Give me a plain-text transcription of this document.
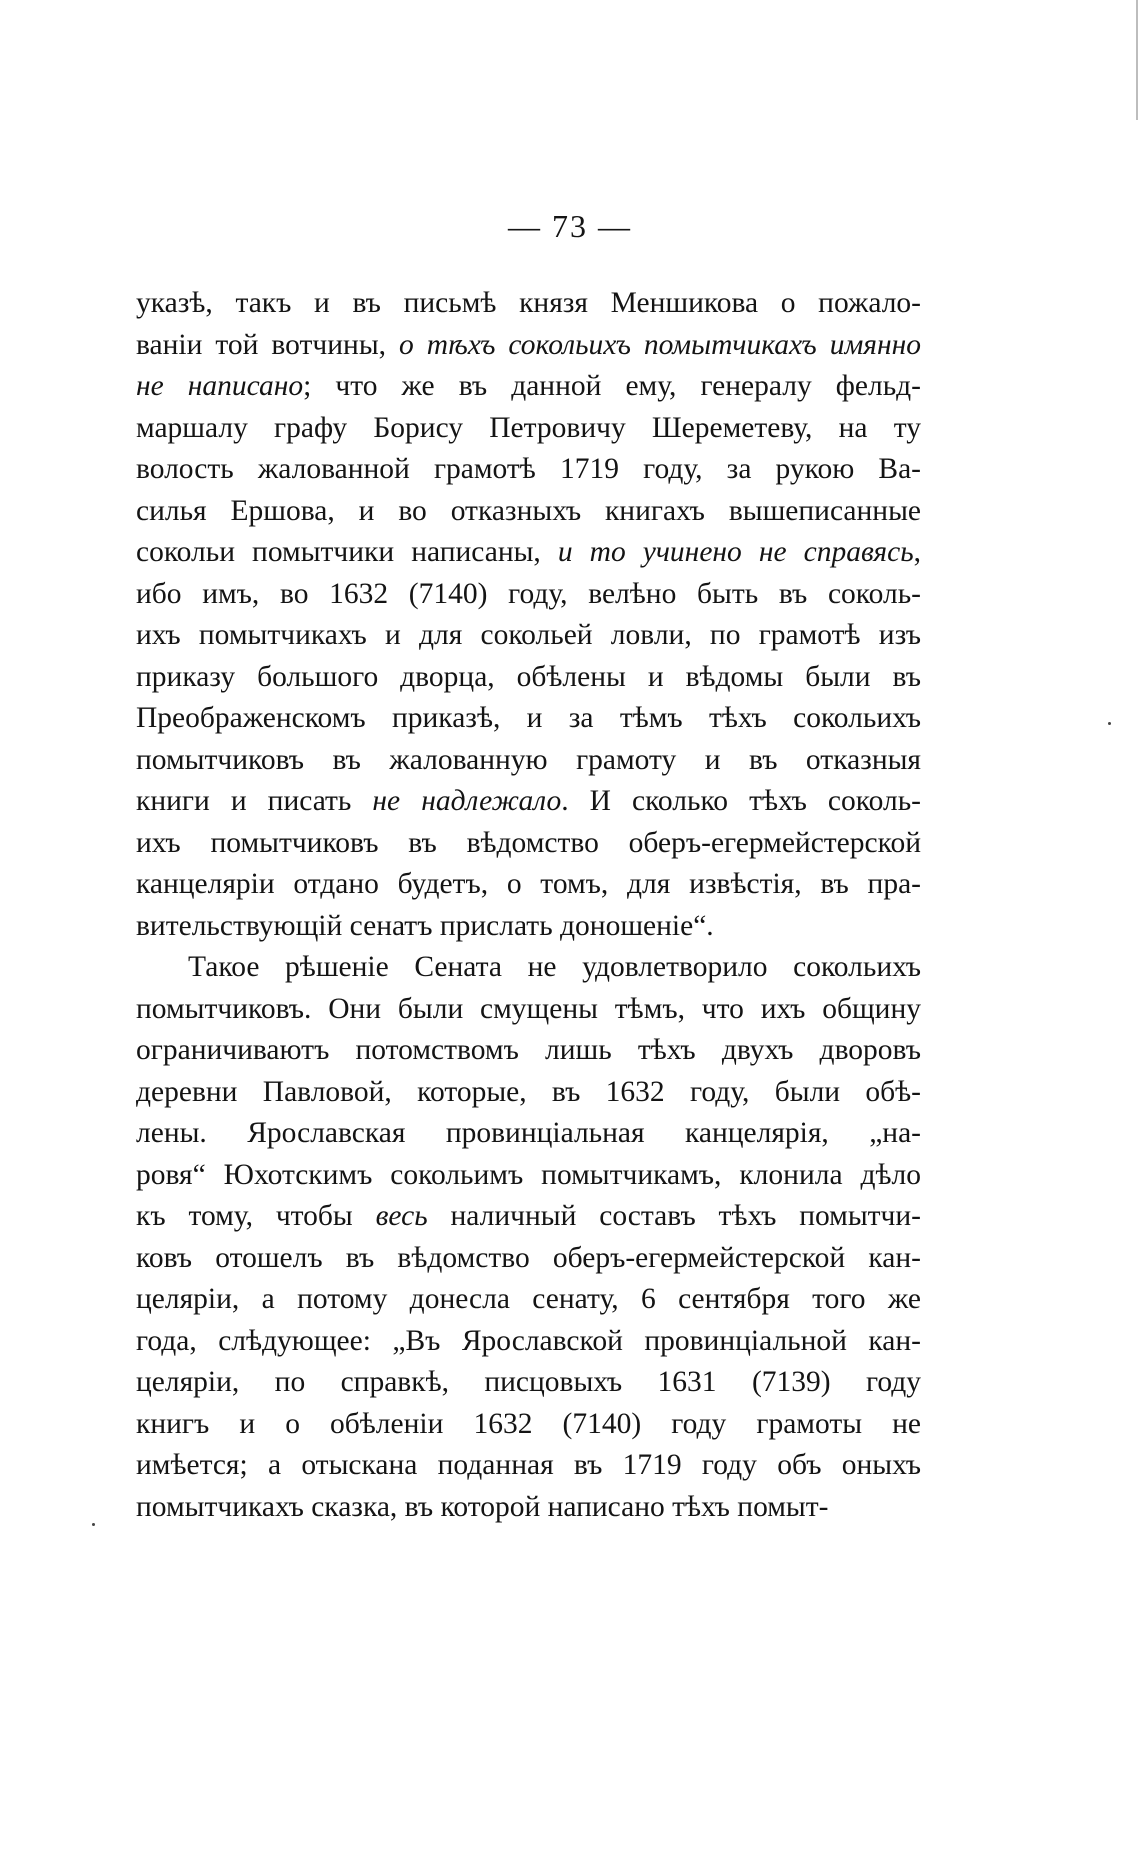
— 73 —
указѣ, такъ и въ письмѣ князя Меншикова о пожало-
ваніи той вотчины, о тѣхъ сокольихъ помытчикахъ имянно
не написано; что же въ данной ему, генералу фельд-
маршалу графу Борису Петровичу Шереметеву, на ту
волость жалованной грамотѣ 1719 году, за рукою Ва-
силья Ершова, и во отказныхъ книгахъ вышеписанные
сокольи помытчики написаны, и то учинено не справясь,
ибо имъ, во 1632 (7140) году, велѣно быть въ соколь-
ихъ помытчикахъ и для сокольей ловли, по грамотѣ изъ
приказу большого дворца, обѣлены и вѣдомы были въ
Преображенскомъ приказѣ, и за тѣмъ тѣхъ сокольихъ
помытчиковъ въ жалованную грамоту и въ отказныя
книги и писать не надлежало. И сколько тѣхъ соколь-
ихъ помытчиковъ въ вѣдомство оберъ-егермейстерской
канцеляріи отдано будетъ, о томъ, для извѣстія, въ пра-
вительствующій сенатъ прислать доношеніе“.
Такое рѣшеніе Сената не удовлетворило сокольихъ
помытчиковъ. Они были смущены тѣмъ, что ихъ общину
ограничиваютъ потомствомъ лишь тѣхъ двухъ дворовъ
деревни Павловой, которые, въ 1632 году, были обѣ-
лены. Ярославская провинціальная канцелярія, „на-
ровя“ Юхотскимъ сокольимъ помытчикамъ, клонила дѣло
къ тому, чтобы весь наличный составъ тѣхъ помытчи-
ковъ отошелъ въ вѣдомство оберъ-егермейстерской кан-
целяріи, а потому донесла сенату, 6 сентября того же
года, слѣдующее: „Въ Ярославской провинціальной кан-
целяріи, по справкѣ, писцовыхъ 1631 (7139) году
книгъ и о обѣленіи 1632 (7140) году грамоты не
имѣется; а отыскана поданная въ 1719 году объ оныхъ
помытчикахъ сказка, въ которой написано тѣхъ помыт-
